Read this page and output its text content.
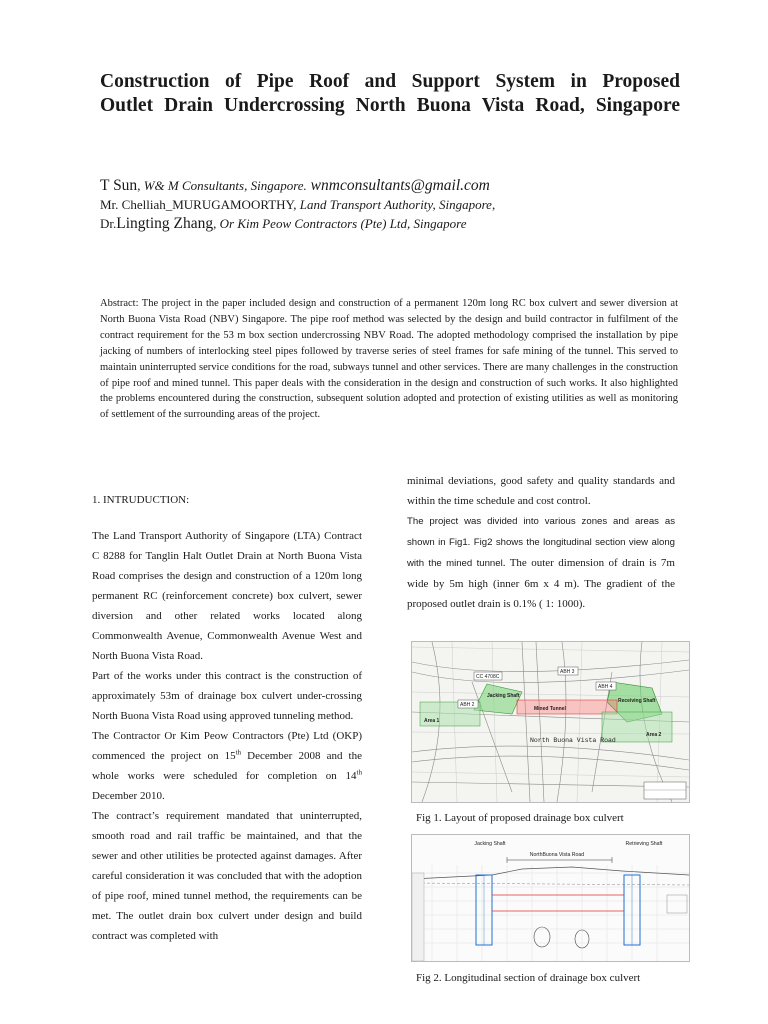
Construction of Pipe Roof and Support System in Proposed
Outlet Drain Undercrossing North Buona Vista Road, Singapore
T Sun, W& M Consultants, Singapore. wnmconsultants@gmail.com
Mr. Chelliah_MURUGAMOORTHY, Land Transport Authority, Singapore,
Dr.Lingting Zhang, Or Kim Peow Contractors (Pte) Ltd, Singapore
Abstract: The project in the paper included design and construction of a permanent 120m long RC box culvert and sewer diversion at North Buona Vista Road (NBV) Singapore. The pipe roof method was selected by the design and build contractor in fulfilment of the contract requirement for the 53 m box section undercrossing NBV Road. The adopted methodology comprised the installation by pipe jacking of numbers of interlocking steel pipes followed by traverse series of steel frames for safe mining of the tunnel. This served to maintain uninterrupted service conditions for the road, subways tunnel and other services. There are many challenges in the construction of pipe roof and mined tunnel. This paper deals with the consideration in the design and construction of such works. It also highlighted the problems encountered during the construction, subsequent solution adopted and protection of existing utilities as well as monitoring of settlement of the surrounding areas of the project.

1. INTRUDUCTION:

The Land Transport Authority of Singapore (LTA) Contract C 8288 for Tanglin Halt Outlet Drain at North Buona Vista Road comprises the design and construction of a 120m long permanent RC (reinforcement concrete) box culvert, sewer diversion and other related works located along Commonwealth Avenue, Commonwealth Avenue West and North Buona Vista Road.

Part of the works under this contract is the construction of approximately 53m of drainage box culvert under-crossing North Buona Vista Road using approved tunneling method.

The Contractor Or Kim Peow Contractors (Pte) Ltd (OKP) commenced the project on 15th December 2008 and the whole works were scheduled for completion on 14th December 2010.

The contract’s requirement mandated that uninterrupted, smooth road and rail traffic be maintained, and that the sewer and other utilities be protected against damages. After careful consideration it was concluded that with the adoption of pipe roof, mined tunnel method, the requirements can be met. The outlet drain box culvert under design and build contract was completed with

minimal deviations, good safety and quality standards and within the time schedule and cost control.

The project was divided into various zones and areas as shown in Fig1. Fig2 shows the longitudinal section view along with the mined tunnel. The outer dimension of drain is 7m wide by 5m high (inner 6m x 4 m). The gradient of the proposed outlet drain is 0.1% ( 1: 1000).

CC 4708C
ABH 3
ABH 4
ABH 2
Jacking Shaft
Mined Tunnel
Receiving Shaft
Area 1
Area 2
North Buona Vista Road
Fig 1. Layout of proposed drainage box culvert
Jacking Shaft
NorthBuona Vista Road
Retrieving Shaft
Fig 2. Longitudinal section of drainage box culvert
